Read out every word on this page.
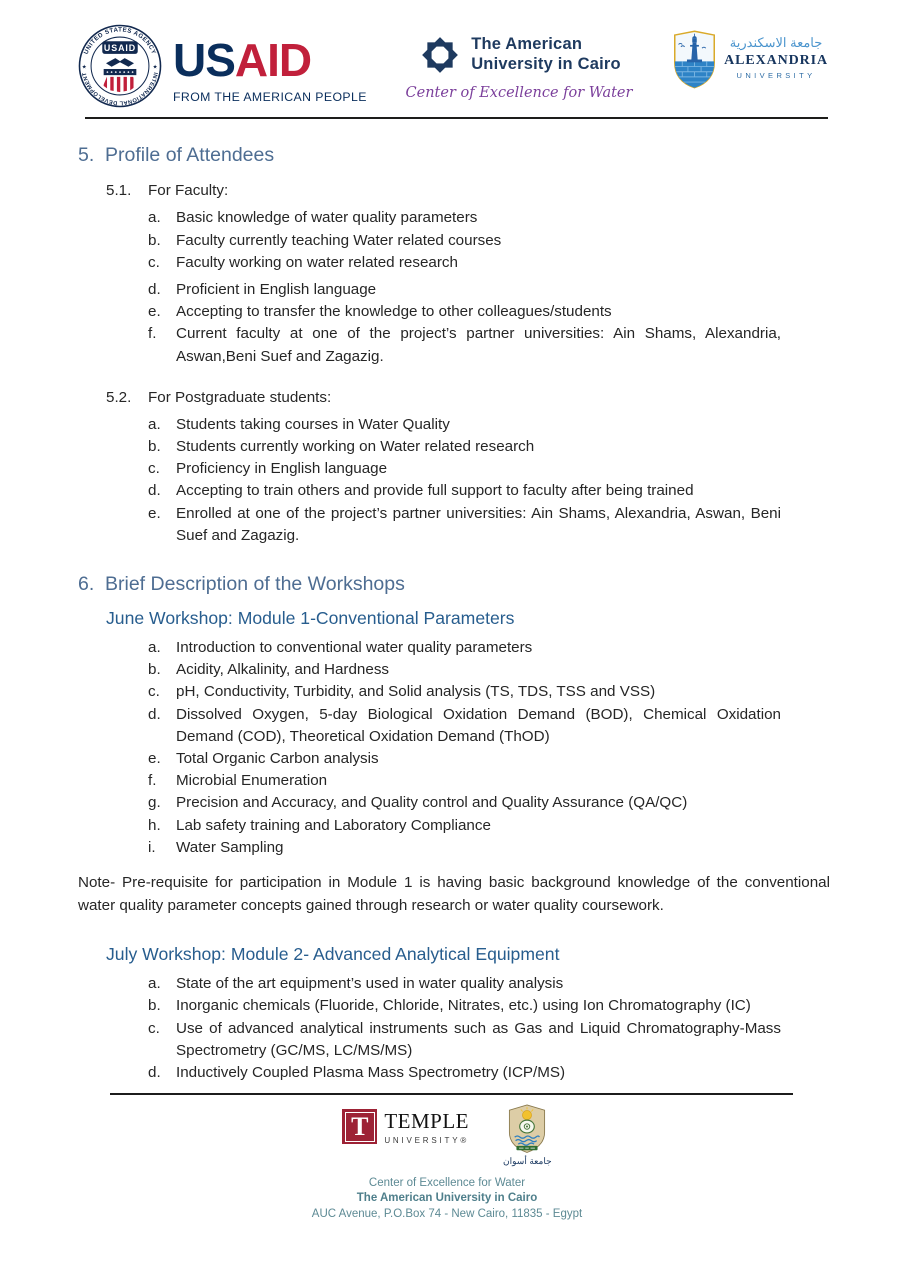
UNITED STATES AGENCY
INTERNATIONAL DEVELOPMENT
★	★
USAID USAID
FROM THE AMERICAN PEOPLE
The American
University in Cairo
Center of Excellence for Water
جامعة الاسكندرية
ALEXANDRIA
UNIVERSITY
5. Profile of Attendees
5.1.	For Faculty:
a.	Basic knowledge of water quality parameters
b.	Faculty currently teaching Water related courses
c.	Faculty working on water related research
d.	Proficient in English language
e.	Accepting to transfer the knowledge to other colleagues/students
f.	Current faculty at one of the project’s partner universities: Ain Shams, Alexandria, Aswan,Beni Suef and Zagazig.
5.2.	For Postgraduate students:
a.	Students taking courses in Water Quality
b.	Students currently working on Water related research
c.	Proficiency in English language
d.	Accepting to train others and provide full support to faculty after being trained
e.	Enrolled at one of the project’s partner universities: Ain Shams, Alexandria, Aswan, Beni Suef and Zagazig.
6. Brief Description of the Workshops
June Workshop: Module 1-Conventional Parameters
a.	Introduction to conventional water quality parameters
b.	Acidity, Alkalinity, and Hardness
c.	pH, Conductivity, Turbidity, and Solid analysis (TS, TDS, TSS and VSS)
d.	Dissolved Oxygen, 5-day Biological Oxidation Demand (BOD), Chemical Oxidation Demand (COD), Theoretical Oxidation Demand (ThOD)
e.	Total Organic Carbon analysis
f.	Microbial Enumeration
g.	Precision and Accuracy, and Quality control and Quality Assurance (QA/QC)
h.	Lab safety training and Laboratory Compliance
i.	Water Sampling
Note- Pre-requisite for participation in Module 1 is having basic background knowledge of the conventional water quality parameter concepts gained through research or water quality coursework.
July Workshop: Module 2- Advanced Analytical Equipment
a.	State of the art equipment’s used in water quality analysis
b.	Inorganic chemicals (Fluoride, Chloride, Nitrates, etc.) using Ion Chromatography (IC)
c.	Use of advanced analytical instruments such as Gas and Liquid Chromatography-Mass Spectrometry (GC/MS, LC/MS/MS)
d.	Inductively Coupled Plasma Mass Spectrometry (ICP/MS)
T TEMPLE
UNIVERSITY®
جامعة أسوان
Center of Excellence for Water
The American University in Cairo
AUC Avenue, P.O.Box 74 - New Cairo, 11835 - Egypt
